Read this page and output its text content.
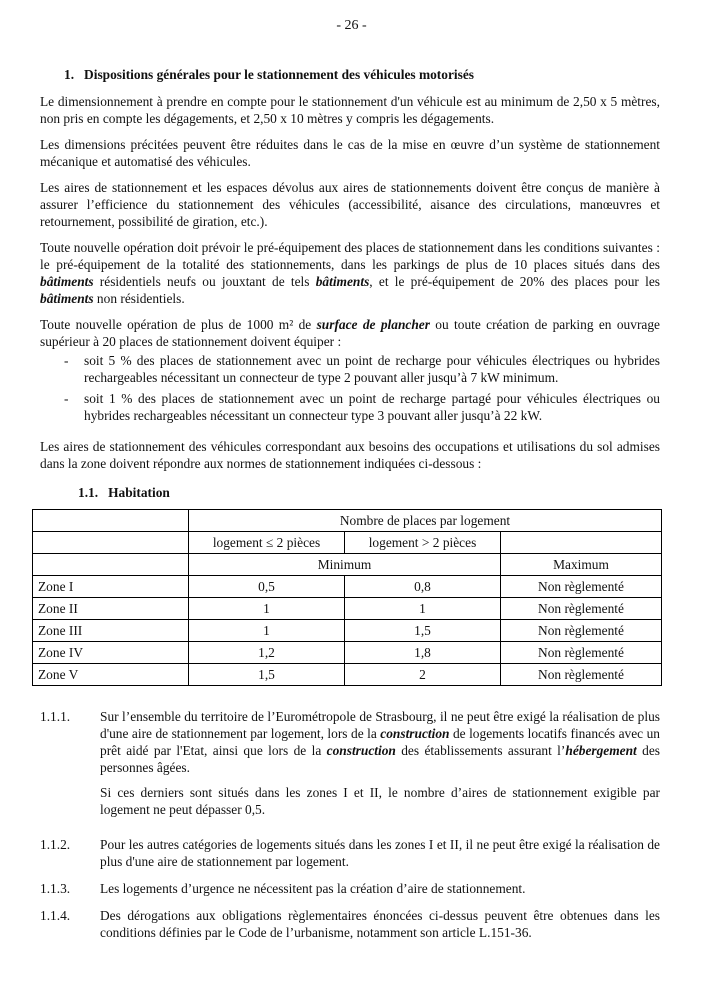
- 26 -
1. Dispositions générales pour le stationnement des véhicules motorisés

Le dimensionnement à prendre en compte pour le stationnement d'un véhicule est au minimum de 2,50 x 5 mètres, non pris en compte les dégagements, et 2,50 x 10 mètres y compris les dégagements.

Les dimensions précitées peuvent être réduites dans le cas de la mise en œuvre d’un système de stationnement mécanique et automatisé des véhicules.

Les aires de stationnement et les espaces dévolus aux aires de stationnements doivent être conçus de manière à assurer l’efficience du stationnement des véhicules (accessibilité, aisance des circulations, manœuvres et retournement, possibilité de giration, etc.).

Toute nouvelle opération doit prévoir le pré-équipement des places de stationnement dans les conditions suivantes : le pré-équipement de la totalité des stationnements, dans les parkings de plus de 10 places situés dans des bâtiments résidentiels neufs ou jouxtant de tels bâtiments, et le pré-équipement de 20% des places pour les bâtiments non résidentiels.

Toute nouvelle opération de plus de 1000 m² de surface de plancher ou toute création de parking en ouvrage supérieur à 20 places de stationnement doivent équiper :

- soit 5 % des places de stationnement avec un point de recharge pour véhicules électriques ou hybrides rechargeables nécessitant un connecteur de type 2 pouvant aller jusqu’à 7 kW minimum.
- soit 1 % des places de stationnement avec un point de recharge partagé pour véhicules électriques ou hybrides rechargeables nécessitant un connecteur type 3 pouvant aller jusqu’à 22 kW.

Les aires de stationnement des véhicules correspondant aux besoins des occupations et utilisations du sol admises dans la zone doivent répondre aux normes de stationnement indiquées ci-dessous :

1.1. Habitation
	Nombre de places par logement		
	logement ≤ 2 pièces	logement > 2 pièces	
	Minimum		Maximum
Zone I	0,5	0,8	Non règlementé
Zone II	1	1	Non règlementé
Zone III	1	1,5	Non règlementé
Zone IV	1,2	1,8	Non règlementé
Zone V	1,5	2	Non règlementé
1.1.1.	Sur l’ensemble du territoire de l’Eurométropole de Strasbourg, il ne peut être exigé la réalisation de plus d'une aire de stationnement par logement, lors de la construction de logements locatifs financés avec un prêt aidé par l'Etat, ainsi que lors de la construction des établissements assurant l’hébergement des personnes âgées.

Si ces derniers sont situés dans les zones I et II, le nombre d’aires de stationnement exigible par logement ne peut dépasser 0,5.

1.1.2.	Pour les autres catégories de logements situés dans les zones I et II, il ne peut être exigé la réalisation de plus d'une aire de stationnement par logement.
1.1.3.	Les logements d’urgence ne nécessitent pas la création d’aire de stationnement.
1.1.4.	Des dérogations aux obligations règlementaires énoncées ci-dessus peuvent être obtenues dans les conditions définies par le Code de l’urbanisme, notamment son article L.151-36.
